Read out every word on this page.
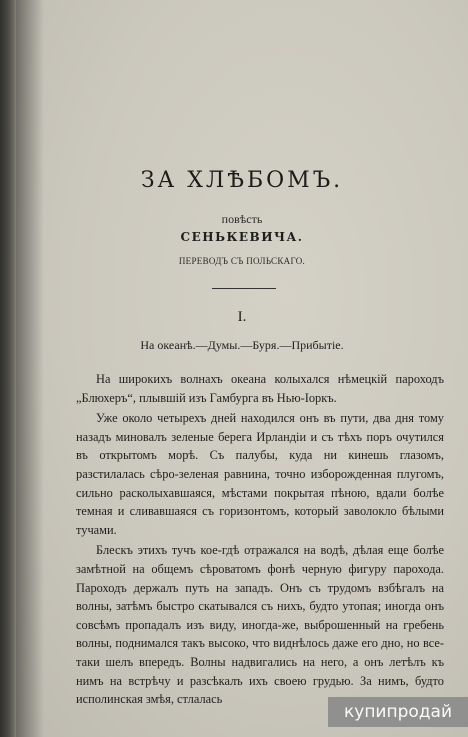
ЗА ХЛѢБОМЪ.
повѣсть
СЕНЬКЕВИЧА.
ПЕРЕВОДЪ СЪ ПОЛЬСКАГО.
I.
На океанѣ.—Думы.—Буря.—Прибытіе.

На широкихъ волнахъ океана колыхался нѣмецкій пароходъ „Блюхеръ“, плывшій изъ Гамбурга въ Нью-Іоркъ.

Уже около четырехъ дней находился онъ въ пути, два дня тому назадъ миновалъ зеленые берега Ирландіи и съ тѣхъ поръ очутился въ открытомъ морѣ. Съ палубы, куда ни кинешь глазомъ, разстилалась сѣро-зеленая равнина, точно изборожденная плугомъ, сильно расколыхавшаяся, мѣстами покрытая пѣною, вдали болѣе темная и сливавшаяся съ горизонтомъ, который заволокло бѣлыми тучами.

Блескъ этихъ тучъ кое-гдѣ отражался на водѣ, дѣлая еще болѣе замѣтной на общемъ сѣроватомъ фонѣ черную фигуру парохода. Пароходъ держалъ путь на западъ. Онъ съ трудомъ взбѣгалъ на волны, затѣмъ быстро скатывался съ нихъ, будто утопая; иногда онъ совсѣмъ пропадалъ изъ виду, иногда-же, выброшенный на гребень волны, поднимался такъ высоко, что виднѣлось даже его дно, но все-таки шелъ впередъ. Волны надвигались на него, а онъ летѣлъ къ нимъ на встрѣчу и разсѣкалъ ихъ своею грудью. За нимъ, будто исполинская змѣя, стлалась

купипродай
